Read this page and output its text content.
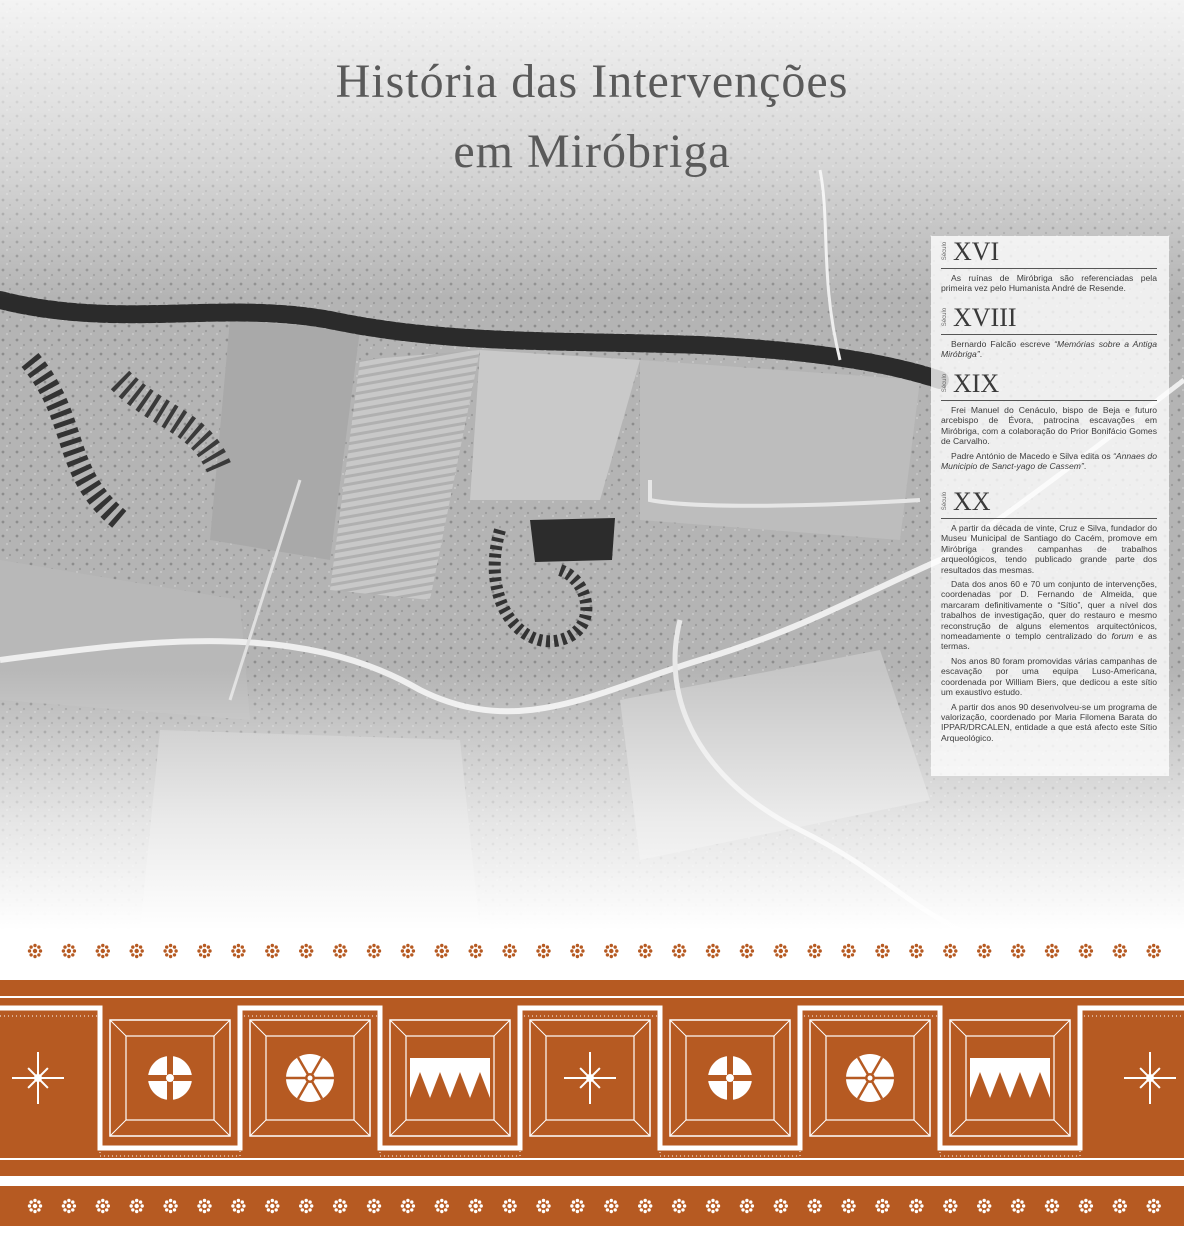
História das Intervenções
em Miróbriga
Século XVI

As ruínas de Miróbriga são referenciadas pela primeira vez pelo Humanista André de Resende.

Século XVIII

Bernardo Falcão escreve “Memórias sobre a Antiga Miróbriga”.

Século XIX

Frei Manuel do Cenáculo, bispo de Beja e futuro arcebispo de Évora, patrocina escavações em Miróbriga, com a colaboração do Prior Bonifácio Gomes de Carvalho.

Padre António de Macedo e Silva edita os “Annaes do Municipio de Sanct-yago de Cassem”.

Século XX

A partir da década de vinte, Cruz e Silva, fundador do Museu Municipal de Santiago do Cacém, promove em Miróbriga grandes campanhas de trabalhos arqueológicos, tendo publicado grande parte dos resultados das mesmas.

Data dos anos 60 e 70 um conjunto de intervenções, coordenadas por D. Fernando de Almeida, que marcaram definitivamente o “Sítio”, quer a nível dos trabalhos de investigação, quer do restauro e mesmo reconstrução de alguns elementos arquitectónicos, nomeadamente o templo centralizado do forum e as termas.

Nos anos 80 foram promovidas várias campanhas de escavação por uma equipa Luso-Americana, coordenada por William Biers, que dedicou a este sítio um exaustivo estudo.

A partir dos anos 90 desenvolveu-se um programa de valorização, coordenado por Maria Filomena Barata do IPPAR/DRCALEN, entidade a que está afecto este Sítio Arqueológico.
